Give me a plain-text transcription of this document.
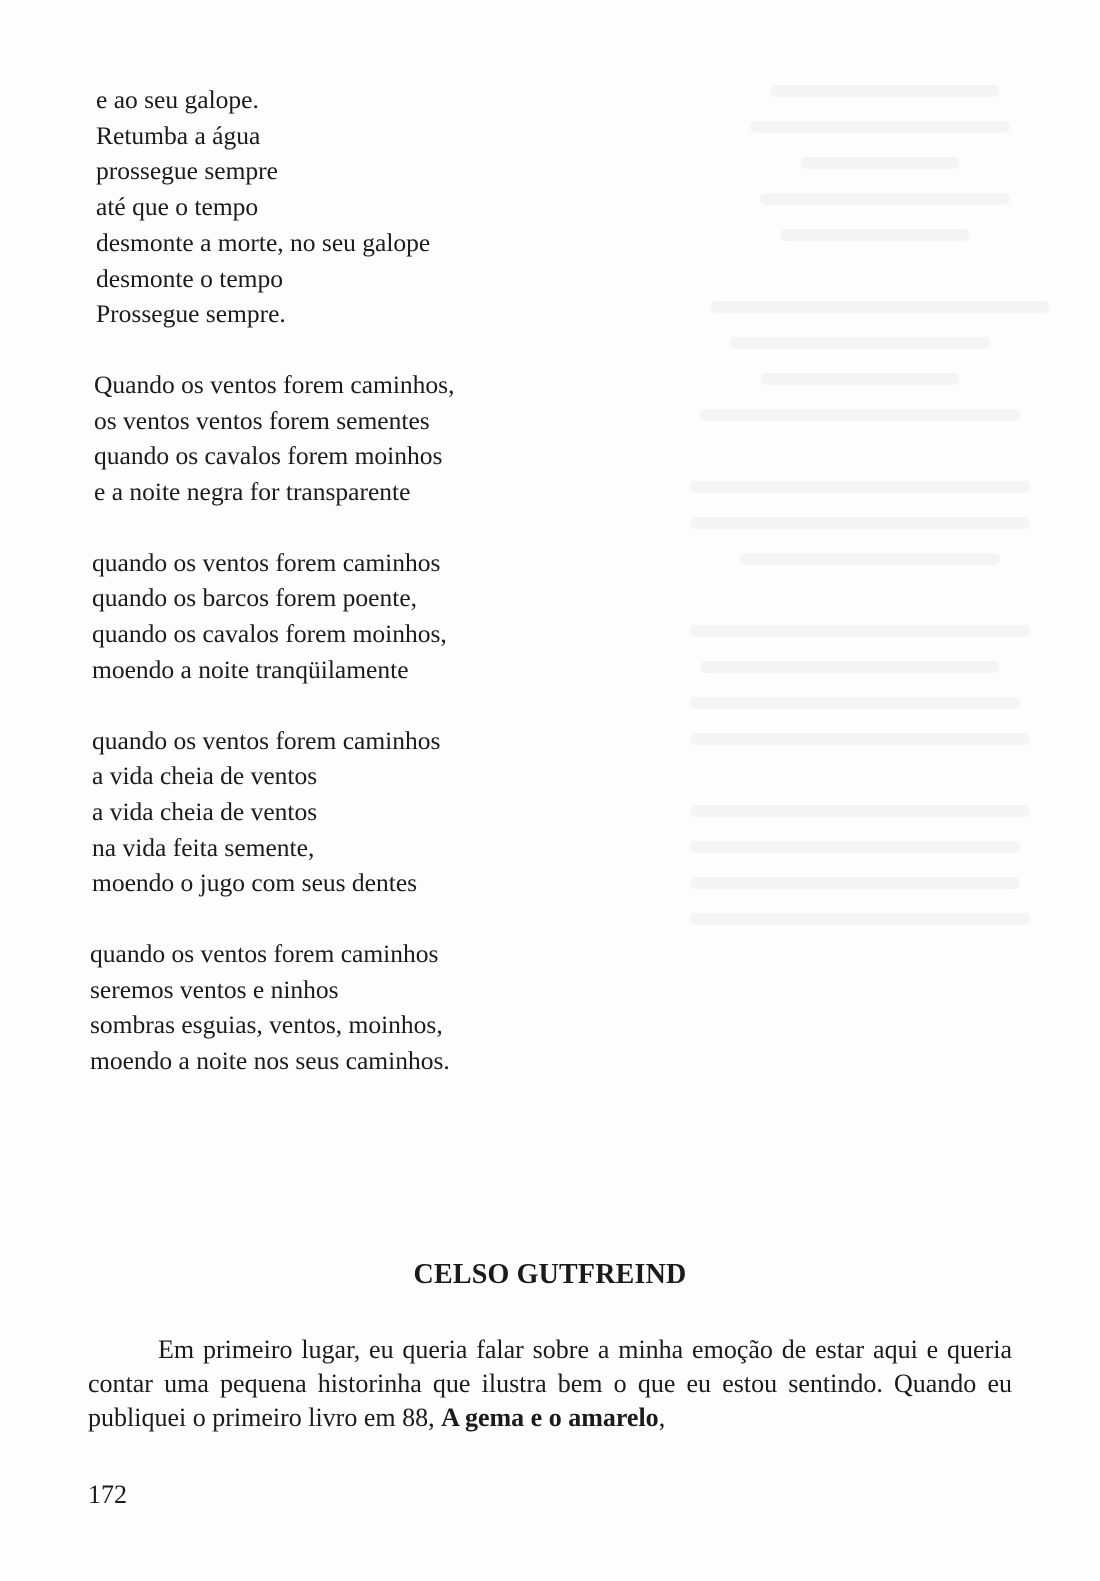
e ao seu galope.
Retumba a água
prossegue sempre
até que o tempo
desmonte a morte, no seu galope
desmonte o tempo
Prossegue sempre.
Quando os ventos forem caminhos,
os ventos ventos forem sementes
quando os cavalos forem moinhos
e a noite negra for transparente
quando os ventos forem caminhos
quando os barcos forem poente,
quando os cavalos forem moinhos,
moendo a noite tranqüilamente
quando os ventos forem caminhos
a vida cheia de ventos
a vida cheia de ventos
na vida feita semente,
moendo o jugo com seus dentes
quando os ventos forem caminhos
seremos ventos e ninhos
sombras esguias, ventos, moinhos,
moendo a noite nos seus caminhos.
CELSO GUTFREIND
Em primeiro lugar, eu queria falar sobre a minha emoção de estar aqui e queria contar uma pequena historinha que ilustra bem o que eu estou sentindo. Quando eu publiquei o primeiro livro em 88, A gema e o amarelo,
172
